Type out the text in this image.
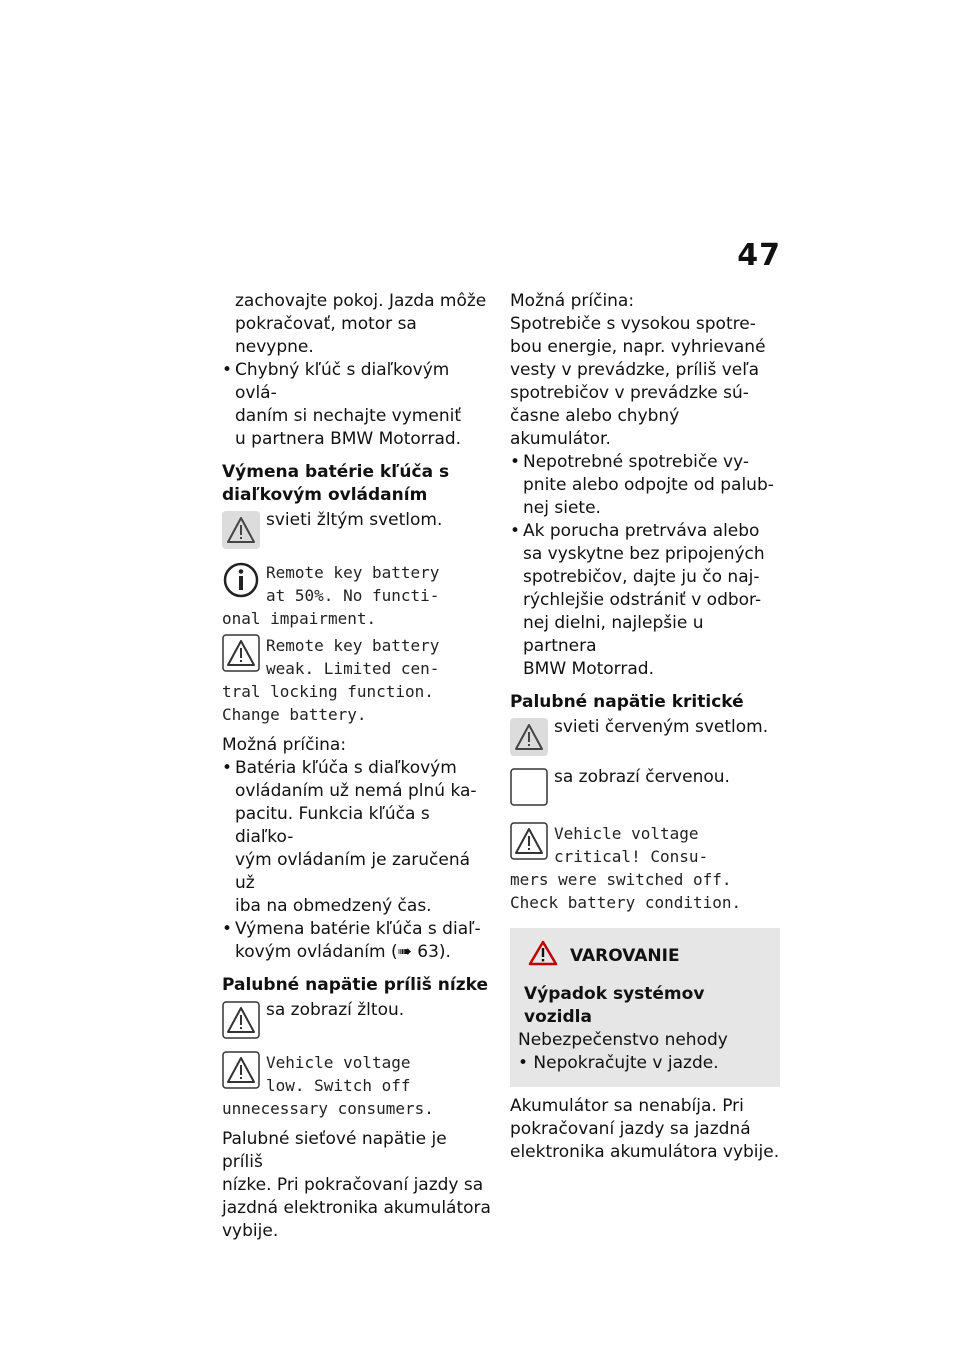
47

zachovajte pokoj. Jazda môže

pokračovať, motor sa nevypne.

• Chybný kľúč s diaľkovým ovlá-
daním si nechajte vymeniť
u partnera BMW Motorrad.
Výmena batérie kľúča s
diaľkovým ovládaním
svieti žltým svetlom.
Remote key battery
at 50%. No functi-
onal impairment.
Remote key battery
weak. Limited cen-
tral locking function.
Change battery.

Možná príčina:

• Batéria kľúča s diaľkovým
ovládaním už nemá plnú ka-
pacitu. Funkcia kľúča s diaľko-
vým ovládaním je zaručená už
iba na obmedzený čas.
• Výmena batérie kľúča s diaľ-
kovým ovládaním (➠ 63).
Palubné napätie príliš nízke
sa zobrazí žltou.
Vehicle voltage
low. Switch off
unnecessary consumers.

Palubné sieťové napätie je príliš

nízke. Pri pokračovaní jazdy sa

jazdná elektronika akumulátora

vybije.

Možná príčina:

Spotrebiče s vysokou spotre-

bou energie, napr. vyhrievané

vesty v prevádzke, príliš veľa

spotrebičov v prevádzke sú-

časne alebo chybný akumulátor.

• Nepotrebné spotrebiče vy-
pnite alebo odpojte od palub-
nej siete.
• Ak porucha pretrváva alebo
sa vyskytne bez pripojených
spotrebičov, dajte ju čo naj-
rýchlejšie odstrániť v odbor-
nej dielni, najlepšie u partnera
BMW Motorrad.
Palubné napätie kritické
svieti červeným svetlom.
sa zobrazí červenou.
Vehicle voltage
critical! Consu-
mers were switched off.
Check battery condition.
VAROVANIE
Výpadok systémov vozidla
Nebezpečenstvo nehody
• Nepokračujte v jazde.

Akumulátor sa nenabíja. Pri

pokračovaní jazdy sa jazdná

elektronika akumulátora vybije.
